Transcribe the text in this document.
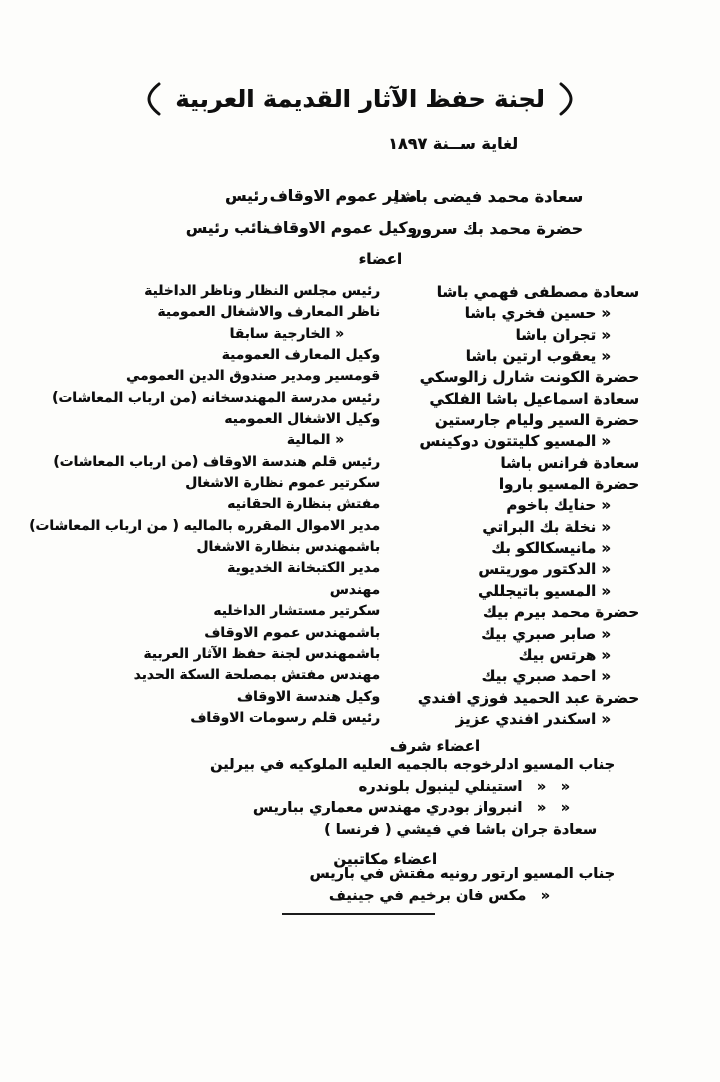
لجنة حفظ الآثار القديمة العربية
لغاية ســنة ١٨٩٧
سعادة محمد فيضى باشا
مدير عموم الاوقاف
رئيس
حضرة محمد بك سرور
وكيل عموم الاوقاف
نائب رئيس
اعضاء
سعادة مصطفى فهمي باشا
رئيس مجلس النظار وناظر الداخلية
« حسين فخري باشا
ناظر المعارف والاشغال العمومية
« تجران باشا
« الخارجية سابقا
« يعقوب ارتين باشا
وكيل المعارف العمومية
حضرة الكونت شارل زالوسكي
قومسير ومدير صندوق الدين العمومي
سعادة اسماعيل باشا الفلكي
رئيس مدرسة المهندسخانه (من ارباب المعاشات)
حضرة السير وليام جارستين
وكيل الاشغال العموميه
« المسيو كليتتون دوكينس
« المالية
سعادة فرانس باشا
رئيس قلم هندسة الاوقاف (من ارباب المعاشات)
حضرة المسيو باروا
سكرتير عموم نظارة الاشغال
« حنايك باخوم
مفتش بنظارة الحقانيه
« نخلة بك البراتي
مدير الاموال المقرره بالماليه ( من ارباب المعاشات)
« مانيسكالكو بك
باشمهندس بنظارة الاشغال
« الدكتور موريتس
مدير الكتبخانة الخديوية
« المسيو باتيجللي
مهندس
حضرة محمد بيرم بيك
سكرتير مستشار الداخليه
« صابر صبري بيك
باشمهندس عموم الاوقاف
« هرتس بيك
باشمهندس لجنة حفظ الآثار العربية
« احمد صبري بيك
مهندس مفتش بمصلحة السكة الحديد
حضرة عبد الحميد فوزي افندي
وكيل هندسة الاوقاف
« اسكندر افندي عزيز
رئيس قلم رسومات الاوقاف
اعضاء شرف
جناب المسيو ادلرخوجه بالجميه العليه الملوكيه في بيرلين
« « استينلي لينبول بلوندره
« « انبرواز بودري مهندس معماري بباريس
سعادة جران باشا في فيشي ( فرنسا )
اعضاء مكاتبين
جناب المسيو ارتور رونيه مفتش في باريس
« مكس فان برخيم في جينيف
